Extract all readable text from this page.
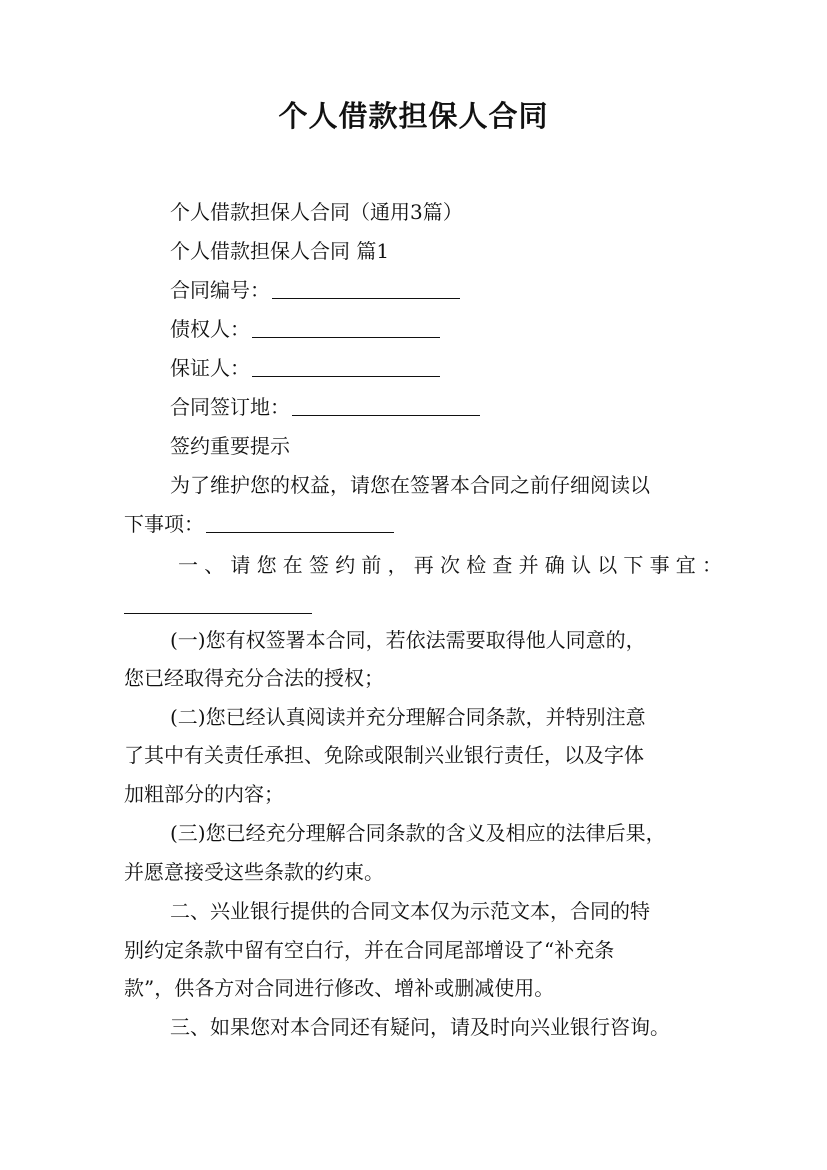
个人借款担保人合同
个人借款担保人合同（通用3篇）
个人借款担保人合同 篇1
合同编号：
债权人：
保证人：
合同签订地：
签约重要提示
为了维护您的权益，请您在签署本合同之前仔细阅读以
下事项：
一、请您在签约前，再次检查并确认以下事宜：
(一)您有权签署本合同，若依法需要取得他人同意的，
您已经取得充分合法的授权；
(二)您已经认真阅读并充分理解合同条款，并特别注意
了其中有关责任承担、免除或限制兴业银行责任，以及字体
加粗部分的内容；
(三)您已经充分理解合同条款的含义及相应的法律后果，
并愿意接受这些条款的约束。
二、兴业银行提供的合同文本仅为示范文本，合同的特
别约定条款中留有空白行，并在合同尾部增设了“补充条
款”，供各方对合同进行修改、增补或删减使用。
三、如果您对本合同还有疑问，请及时向兴业银行咨询。
